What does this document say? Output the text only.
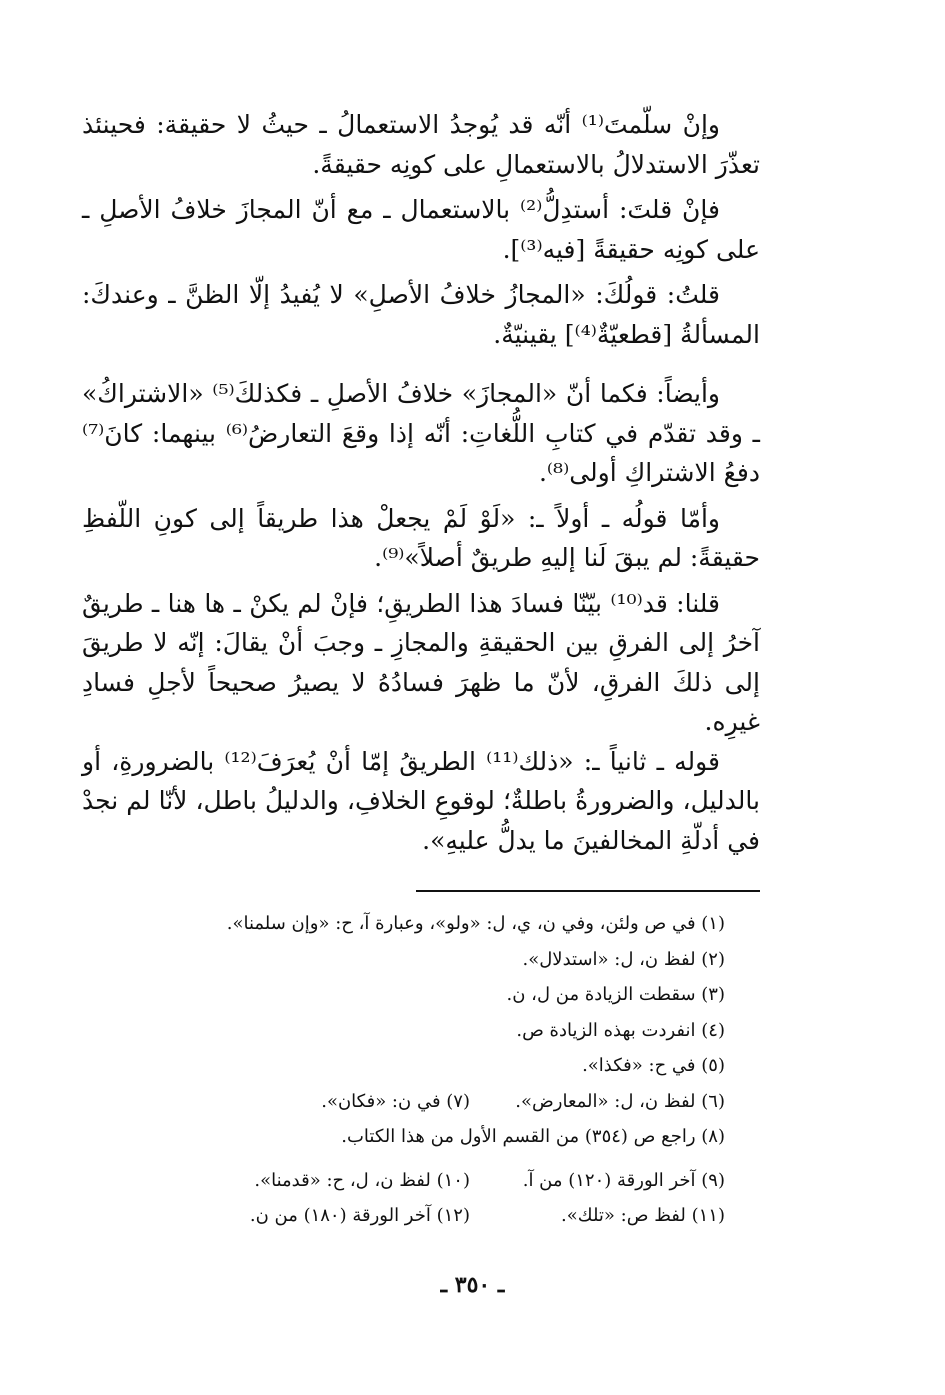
وإنْ سلّمتَ⁽¹⁾ أنّه قد يُوجدُ الاستعمالُ ـ حيثُ لا حقيقة: فحينئذ تعذّرَ الاستدلالُ بالاستعمالِ على كونِه حقيقةً.

فإنْ قلتَ: أستدِلُّ⁽²⁾ بالاستعمال ـ مع أنّ المجازَ خلافُ الأصلِ ـ على كونِه حقيقةً [فيه⁽³⁾].

قلتُ: قولُكَ: «المجازُ خلافُ الأصلِ» لا يُفيدُ إلّا الظنَّ ـ وعندكَ: المسألةُ [قطعيّةٌ⁽⁴⁾] يقينيّةٌ.

وأيضاً: فكما أنّ «المجازَ» خلافُ الأصلِ ـ فكذلكَ⁽⁵⁾ «الاشتراكُ» ـ وقد تقدّم في كتابِ اللُّغاتِ: أنّه إذا وقعَ التعارضُ⁽⁶⁾ بينهما: كانَ⁽⁷⁾ دفعُ الاشتراكِ أولى⁽⁸⁾.

وأمّا قولُه ـ أولاً ـ: «لَوْ لَمْ يجعلْ هذا طريقاً إلى كونِ اللّفظِ حقيقةً: لم يبقَ لَنا إليهِ طريقٌ أصلاً»⁽⁹⁾.

قلنا: قد⁽¹⁰⁾ بيّنّا فسادَ هذا الطريقِ؛ فإنْ لم يكنْ ـ ها هنا ـ طريقٌ آخرُ إلى الفرقِ بين الحقيقةِ والمجازِ ـ وجبَ أنْ يقالَ: إنّه لا طريقَ إلى ذلكَ الفرقِ، لأنّ ما ظهرَ فسادُهُ لا يصيرُ صحيحاً لأجلِ فسادِ غيرِه.

قوله ـ ثانياً ـ: «ذلك⁽¹¹⁾ الطريقُ إمّا أنْ يُعرَفَ⁽¹²⁾ بالضرورةِ، أو بالدليل، والضرورةُ باطلةٌ؛ لوقوعِ الخلافِ، والدليلُ باطل، لأنّا لم نجدْ في أدلّةِ المخالفينَ ما يدلُّ عليهِ».

(١) في ص ولئن، وفي ن، ي، ل: «ولو»، وعبارة آ، ح: «وإن سلمنا».
(٢) لفظ ن، ل: «استدلال».
(٣) سقطت الزيادة من ل، ن.
(٤) انفردت بهذه الزيادة ص.
(٥) في ح: «فكذا».
(٦) لفظ ن، ل: «المعارض».
(٧) في ن: «فكان».
(٨) راجع ص (٣٥٤) من القسم الأول من هذا الكتاب.
(٩) آخر الورقة (١٢٠) من آ.
(١٠) لفظ ن، ل، ح: «قدمنا».
(١١) لفظ ص: «تلك».
(١٢) آخر الورقة (١٨٠) من ن.
ـ ٣٥٠ ـ
